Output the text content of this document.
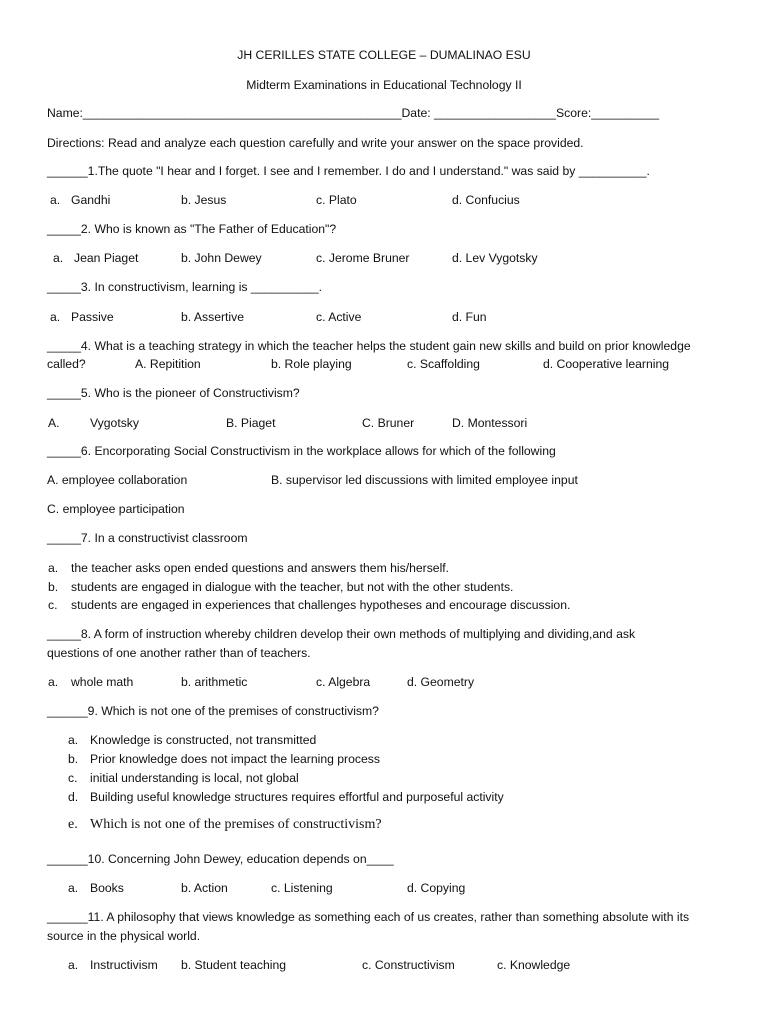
JH CERILLES STATE COLLEGE – DUMALINAO ESU
Midterm Examinations in Educational Technology II
Name:_______________________________________________Date: __________________Score:__________
Directions: Read and analyze each question carefully and write your answer on the space provided.
______1.The quote "I hear and I forget. I see and I remember. I do and I understand." was said by __________.
a. Gandhi	b. Jesus	c. Plato	d. Confucius
_____2. Who is known as "The Father of Education"?
a. Jean Piaget	b. John Dewey	c. Jerome Bruner	d. Lev Vygotsky
_____3. In constructivism, learning is __________.
a. Passive	b. Assertive	c. Active	d. Fun
_____4. What is a teaching strategy in which the teacher helps the student gain new skills and build on prior knowledge
called?	A. Repitition	b. Role playing	c. Scaffolding	d. Cooperative learning
_____5. Who is the pioneer of Constructivism?
A. Vygotsky	B. Piaget	C. Bruner	D. Montessori
_____6. Encorporating Social Constructivism in the workplace allows for which of the following
A. employee collaboration	B. supervisor led discussions with limited employee input
C. employee participation
_____7. In a constructivist classroom
a. the teacher asks open ended questions and answers them his/herself.
b. students are engaged in dialogue with the teacher, but not with the other students.
c. students are engaged in experiences that challenges hypotheses and encourage discussion.
_____8. A form of instruction whereby children develop their own methods of multiplying and dividing,and ask
questions of one another rather than of teachers.
a. whole math	b. arithmetic	c. Algebra	d. Geometry
______9. Which is not one of the premises of constructivism?
a. Knowledge is constructed, not transmitted
b. Prior knowledge does not impact the learning process
c. initial understanding is local, not global
d. Building useful knowledge structures requires effortful and purposeful activity
e. Which is not one of the premises of constructivism?
______10. Concerning John Dewey, education depends on____
a. Books	b. Action	c. Listening	d. Copying
______11. A philosophy that views knowledge as something each of us creates, rather than something absolute with its
source in the physical world.
a. Instructivism b. Student teaching	c. Constructivism	c. Knowledge
